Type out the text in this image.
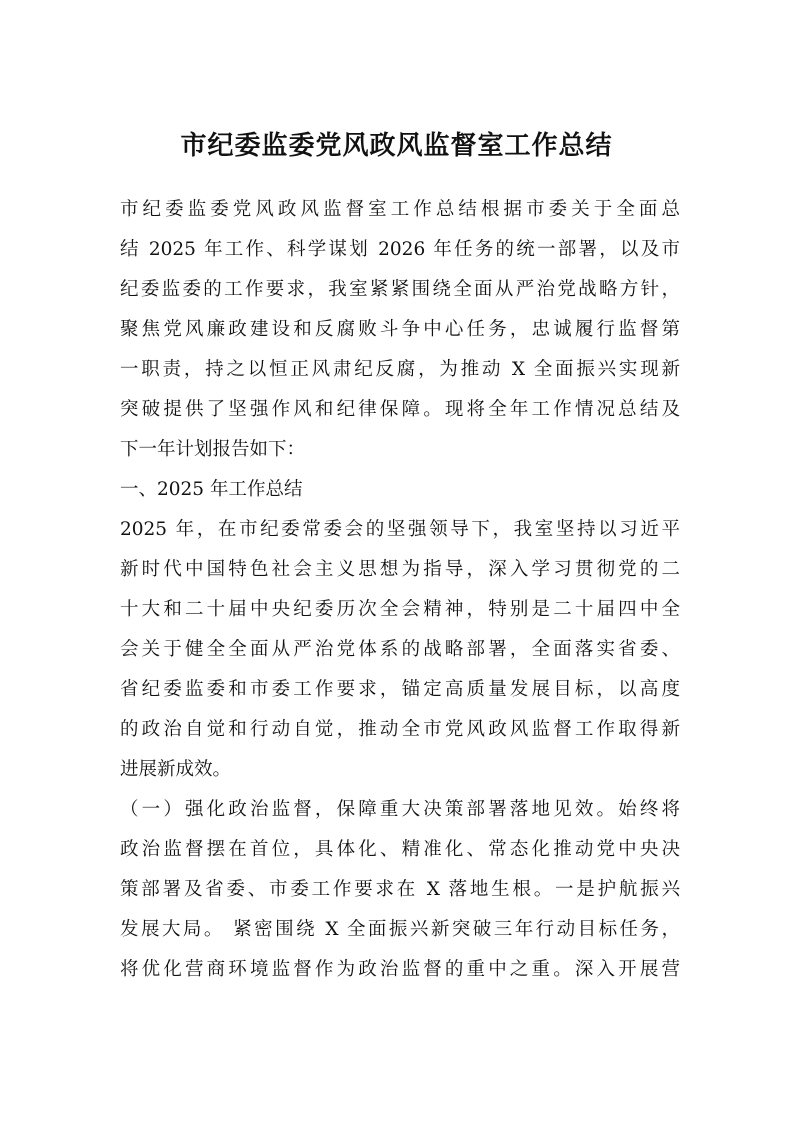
市纪委监委党风政风监督室工作总结
市纪委监委党风政风监督室工作总结根据市委关于全面总
结 2025 年工作、科学谋划 2026 年任务的统一部署，以及市
纪委监委的工作要求，我室紧紧围绕全面从严治党战略方针，
聚焦党风廉政建设和反腐败斗争中心任务，忠诚履行监督第
一职责，持之以恒正风肃纪反腐，为推动 X 全面振兴实现新
突破提供了坚强作风和纪律保障。现将全年工作情况总结及
下一年计划报告如下：
一、2025 年工作总结
2025 年，在市纪委常委会的坚强领导下，我室坚持以习近平
新时代中国特色社会主义思想为指导，深入学习贯彻党的二
十大和二十届中央纪委历次全会精神，特别是二十届四中全
会关于健全全面从严治党体系的战略部署，全面落实省委、
省纪委监委和市委工作要求，锚定高质量发展目标，以高度
的政治自觉和行动自觉，推动全市党风政风监督工作取得新
进展新成效。
（一）强化政治监督，保障重大决策部署落地见效。始终将
政治监督摆在首位，具体化、精准化、常态化推动党中央决
策部署及省委、市委工作要求在 X 落地生根。一是护航振兴
发展大局。 紧密围绕 X 全面振兴新突破三年行动目标任务，
将优化营商环境监督作为政治监督的重中之重。深入开展营
